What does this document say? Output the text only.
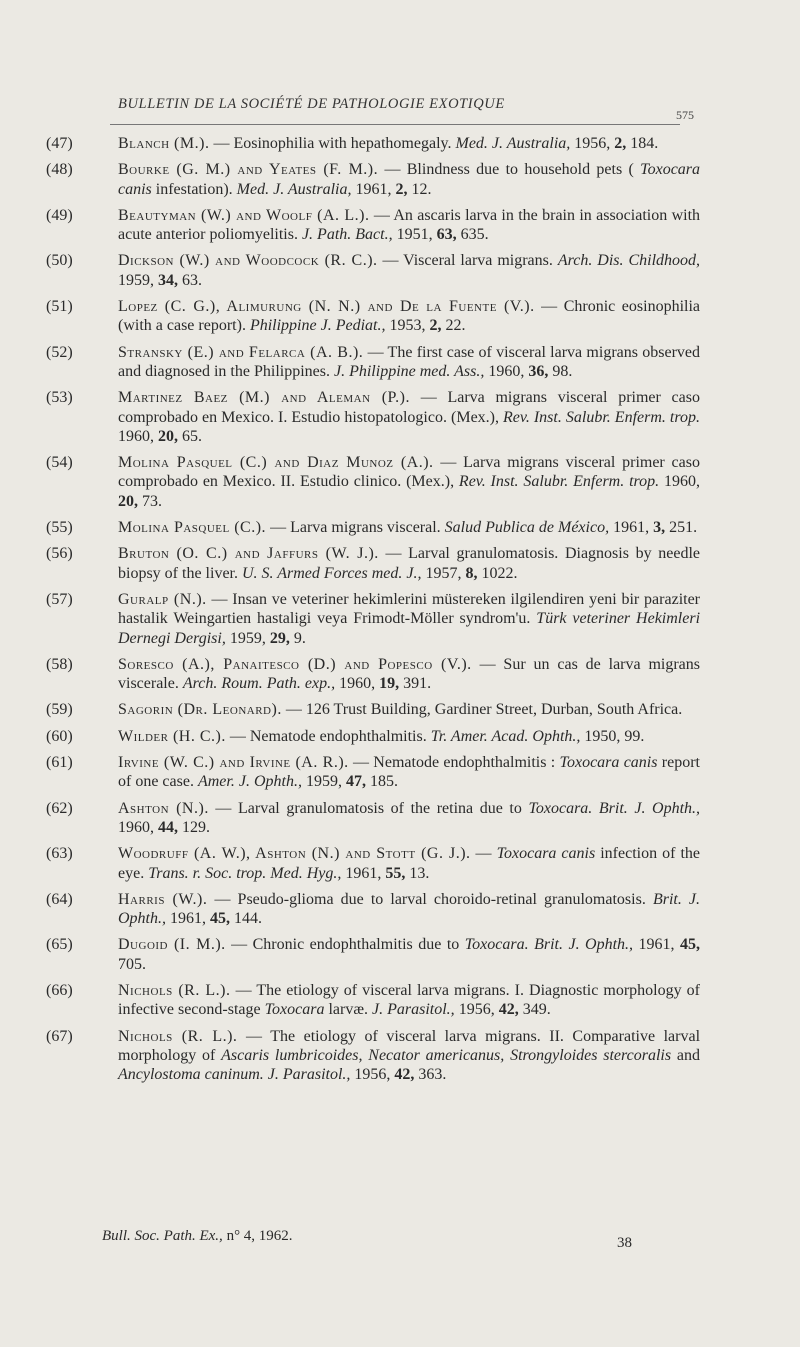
BULLETIN DE LA SOCIÉTÉ DE PATHOLOGIE EXOTIQUE
575
(47)	Blanch (M.). — Eosinophilia with hepathomegaly. Med. J. Australia, 1956, 2, 184.
(48)	Bourke (G. M.) and Yeates (F. M.). — Blindness due to household pets ( Toxocara canis infestation). Med. J. Australia, 1961, 2, 12.
(49)	Beautyman (W.) and Woolf (A. L.). — An ascaris larva in the brain in association with acute anterior poliomyelitis. J. Path. Bact., 1951, 63, 635.
(50)	Dickson (W.) and Woodcock (R. C.). — Visceral larva migrans. Arch. Dis. Childhood, 1959, 34, 63.
(51)	Lopez (C. G.), Alimurung (N. N.) and De la Fuente (V.). — Chronic eosinophilia (with a case report). Philippine J. Pediat., 1953, 2, 22.
(52)	Stransky (E.) and Felarca (A. B.). — The first case of visceral larva migrans observed and diagnosed in the Philippines. J. Philippine med. Ass., 1960, 36, 98.
(53)	Martinez Baez (M.) and Aleman (P.). — Larva migrans visceral primer caso comprobado en Mexico. I. Estudio histopatologico. (Mex.), Rev. Inst. Salubr. Enferm. trop. 1960, 20, 65.
(54)	Molina Pasquel (C.) and Diaz Munoz (A.). — Larva migrans visceral primer caso comprobado en Mexico. II. Estudio clinico. (Mex.), Rev. Inst. Salubr. Enferm. trop. 1960, 20, 73.
(55)	Molina Pasquel (C.). — Larva migrans visceral. Salud Publica de México, 1961, 3, 251.
(56)	Bruton (O. C.) and Jaffurs (W. J.). — Larval granulomatosis. Diagnosis by needle biopsy of the liver. U. S. Armed Forces med. J., 1957, 8, 1022.
(57)	Guralp (N.). — Insan ve veteriner hekimlerini müstereken ilgilendiren yeni bir paraziter hastalik Weingartien hastaligi veya Frimodt-Möller syndrom'u. Türk veteriner Hekimleri Dernegi Dergisi, 1959, 29, 9.
(58)	Soresco (A.), Panaitesco (D.) and Popesco (V.). — Sur un cas de larva migrans viscerale. Arch. Roum. Path. exp., 1960, 19, 391.
(59)	Sagorin (Dr. Leonard). — 126 Trust Building, Gardiner Street, Durban, South Africa.
(60)	Wilder (H. C.). — Nematode endophthalmitis. Tr. Amer. Acad. Ophth., 1950, 99.
(61)	Irvine (W. C.) and Irvine (A. R.). — Nematode endophthalmitis : Toxocara canis report of one case. Amer. J. Ophth., 1959, 47, 185.
(62)	Ashton (N.). — Larval granulomatosis of the retina due to Toxocara. Brit. J. Ophth., 1960, 44, 129.
(63)	Woodruff (A. W.), Ashton (N.) and Stott (G. J.). — Toxocara canis infection of the eye. Trans. r. Soc. trop. Med. Hyg., 1961, 55, 13.
(64)	Harris (W.). — Pseudo-glioma due to larval choroido-retinal granulomatosis. Brit. J. Ophth., 1961, 45, 144.
(65)	Dugoid (I. M.). — Chronic endophthalmitis due to Toxocara. Brit. J. Ophth., 1961, 45, 705.
(66)	Nichols (R. L.). — The etiology of visceral larva migrans. I. Diagnostic morphology of infective second-stage Toxocara larvæ. J. Parasitol., 1956, 42, 349.
(67)	Nichols (R. L.). — The etiology of visceral larva migrans. II. Comparative larval morphology of Ascaris lumbricoides, Necator americanus, Strongyloides stercoralis and Ancylostoma caninum. J. Parasitol., 1956, 42, 363.
Bull. Soc. Path. Ex., n° 4, 1962.	38
